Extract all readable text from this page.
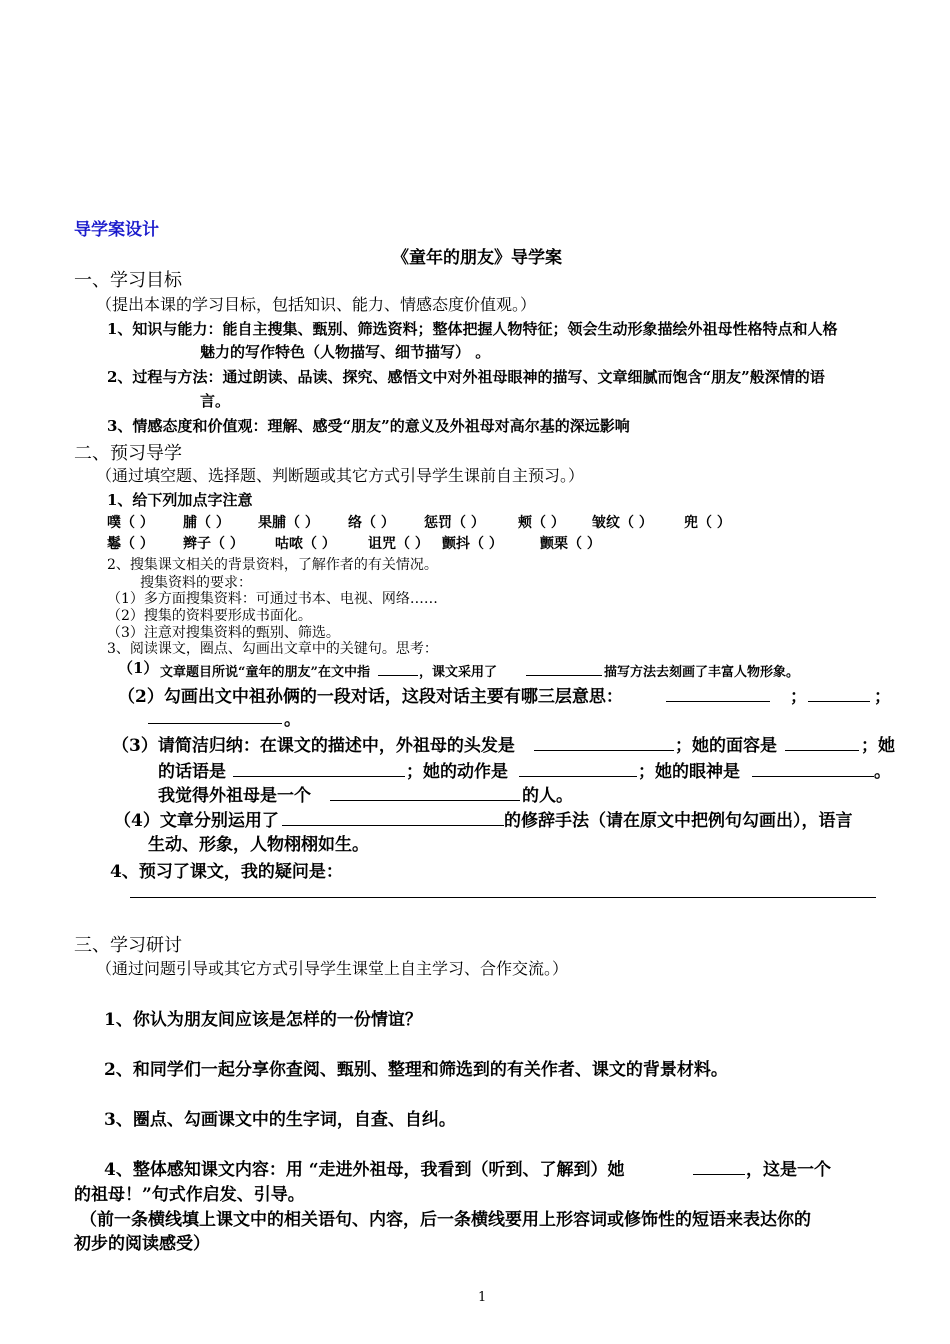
导学案设计
《童年的朋友》导学案
一、学习目标
（提出本课的学习目标，包括知识、能力、情感态度价值观。）
1、知识与能力：能自主搜集、甄别、筛选资料；整体把握人物特征；领会生动形象描绘外祖母性格特点和人格
魅力的写作特色（人物描写、细节描写） 。
2、过程与方法：通过朗读、品读、探究、感悟文中对外祖母眼神的描写、文章细腻而饱含“朋友”般深情的语
言。
3、情感态度和价值观：理解、感受“朋友”的意义及外祖母对高尔基的深远影响
二、预习导学
（通过填空题、选择题、判断题或其它方式引导学生课前自主预习。）
1、给下列加点字注意
噗（ ） 脯（ ） 果脯（ ） 络（ ） 惩罚（ ） 颊（ ） 皱纹（ ） 兜（ ）
鬈（ ） 辫子（ ） 咕哝（ ） 诅咒（ ） 颤抖（ ）	颤栗（ ）
2、搜集课文相关的背景资料，了解作者的有关情况。
搜集资料的要求：
（1）多方面搜集资料：可通过书本、电视、网络……
（2）搜集的资料要形成书面化。
（3）注意对搜集资料的甄别、筛选。
3、阅读课文，圈点、勾画出文章中的关键句。思考：
（1） 文章题目所说“童年的朋友”在文中指	，课文采用了	描写方法去刻画了丰富人物形象。
（2）勾画出文中祖孙俩的一段对话，这段对话主要有哪三层意思：	；	；
。
（3）请简洁归纳：在课文的描述中，外祖母的头发是	；她的面容是	；她
的话语是	；她的动作是	；她的眼神是	。
我觉得外祖母是一个	的人。
（4）文章分别运用了	的修辞手法（请在原文中把例句勾画出），语言
生动、形象，人物栩栩如生。
4、预习了课文，我的疑问是：
三、学习研讨
（通过问题引导或其它方式引导学生课堂上自主学习、合作交流。）
1、你认为朋友间应该是怎样的一份情谊？
2、和同学们一起分享你查阅、甄别、整理和筛选到的有关作者、课文的背景材料。
3、圈点、勾画课文中的生字词，自查、自纠。
4、整体感知课文内容：用 “走进外祖母，我看到（听到、了解到）她	，这是一个
的祖母！”句式作启发、引导。
（前一条横线填上课文中的相关语句、内容，后一条横线要用上形容词或修饰性的短语来表达你的
初步的阅读感受）
1
